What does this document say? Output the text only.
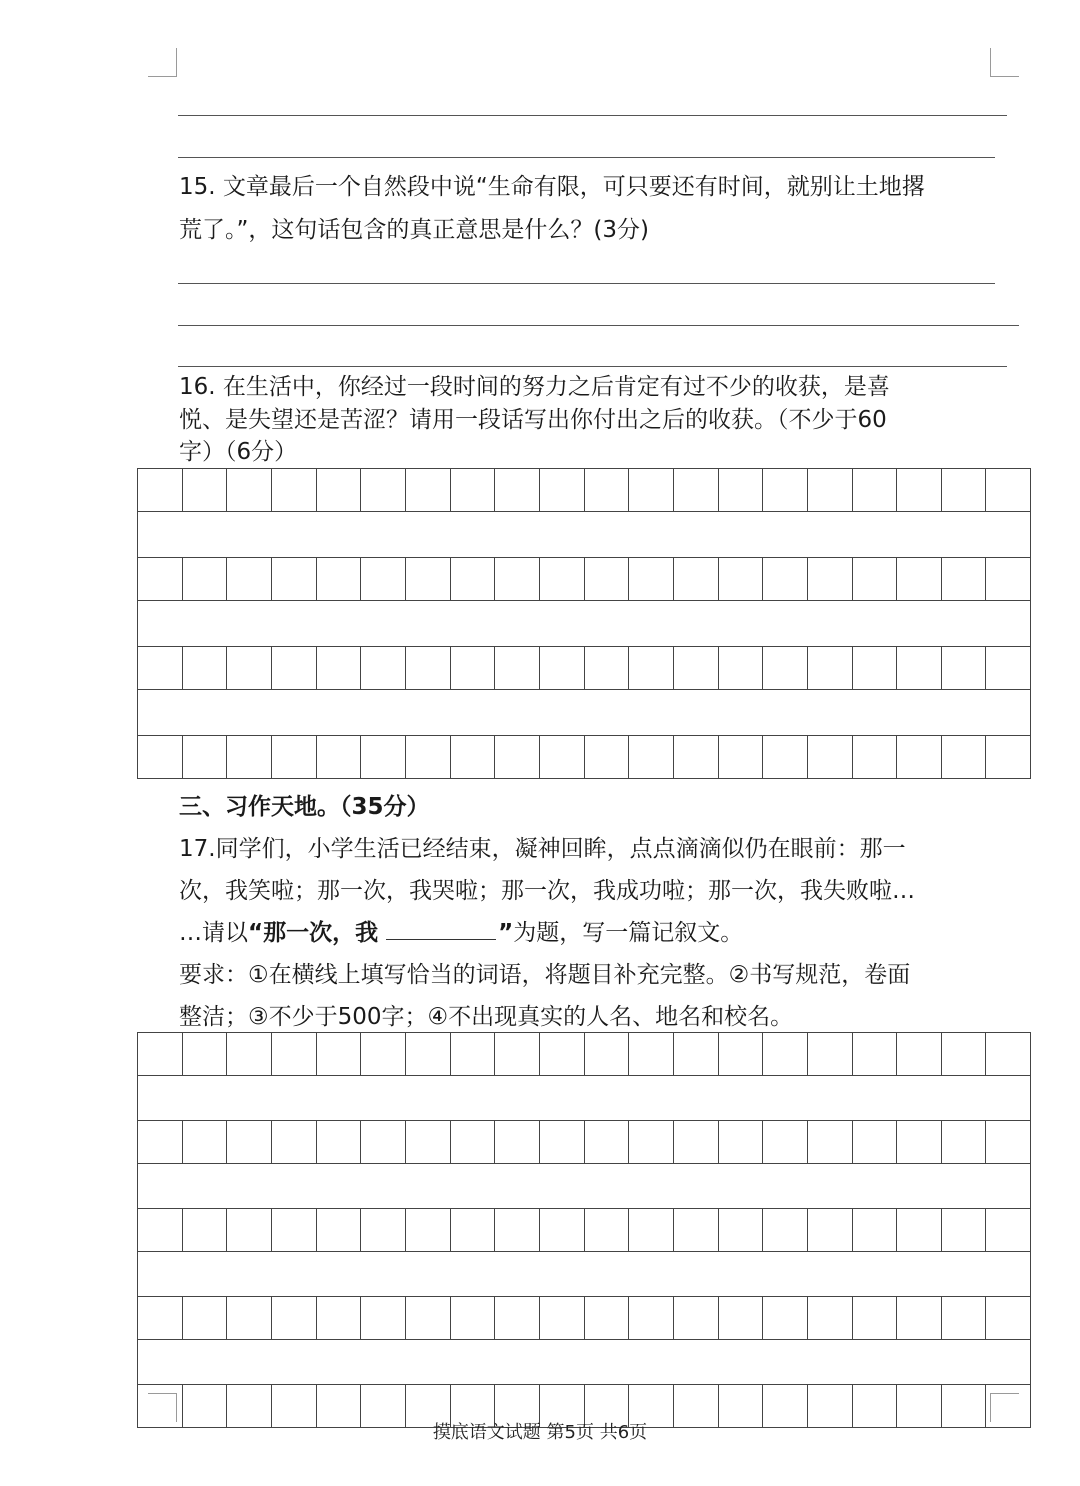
15. 文章最后一个自然段中说“生命有限，可只要还有时间，就别让土地撂
荒了。”，这句话包含的真正意思是什么？(3分)
16. 在生活中，你经过一段时间的努力之后肯定有过不少的收获，是喜
悦、是失望还是苦涩？请用一段话写出你付出之后的收获。（不少于60
字）（6分）
三、习作天地。（35分）
17.同学们，小学生活已经结束，凝神回眸，点点滴滴似仍在眼前：那一
次，我笑啦；那一次，我哭啦；那一次，我成功啦；那一次，我失败啦…
…请以“那一次，我	”为题，写一篇记叙文。
要求：①在横线上填写恰当的词语，将题目补充完整。②书写规范，卷面
整洁；③不少于500字；④不出现真实的人名、地名和校名。
摸底语文试题 第5页 共6页
